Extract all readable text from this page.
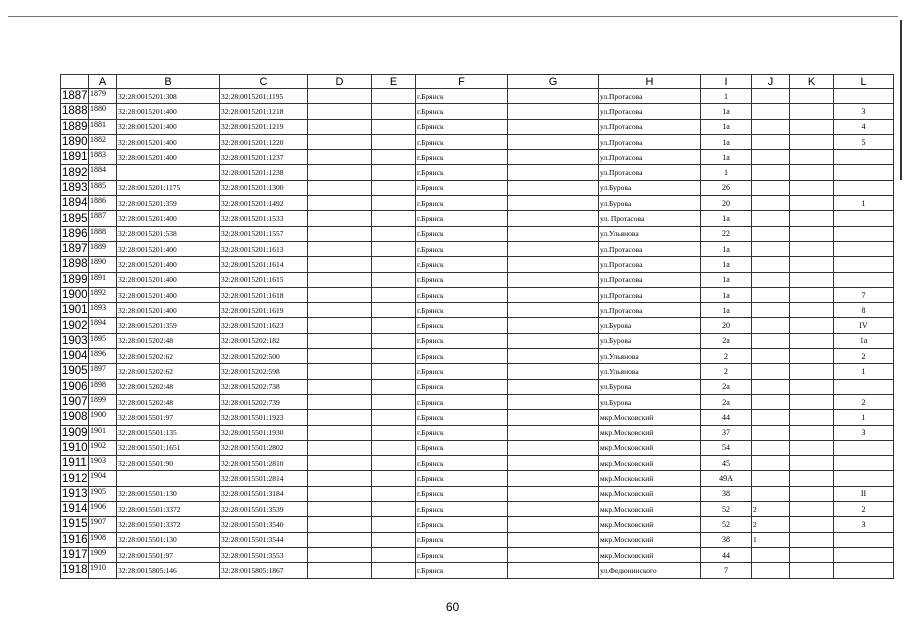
	A	B	C	D	E	F	G	H	I	J	K	L
1887	1879	32:28:0015201:308	32:28:0015201:1195			г.Брянск		ул.Протасова	1			
1888	1880	32:28:0015201:400	32:28:0015201:1218			г.Брянск		ул.Протасова	1a			3
1889	1881	32:28:0015201:400	32:28:0015201:1219			г.Брянск		ул.Протасова	1a			4
1890	1882	32:28:0015201:400	32:28:0015201:1220			г.Брянск		ул.Протасова	1a			5
1891	1883	32:28:0015201:400	32:28:0015201:1237			г.Брянск		ул.Протасова	1a			
1892	1884		32:28:0015201:1238			г.Брянск		ул.Протасова	1			
1893	1885	32:28:0015201:1175	32:28:0015201:1300			г.Брянск		ул.Бурова	26			
1894	1886	32:28:0015201:359	32:28:0015201:1492			г.Брянск		ул.Бурова	20			1
1895	1887	32:28:0015201:400	32:28:0015201:1533			г.Брянск		ул. Протасова	1a			
1896	1888	32:28:0015201:538	32:28:0015201:1557			г.Брянск		ул.Ульянова	22			
1897	1889	32:28:0015201:400	32:28:0015201:1613			г.Брянск		ул.Протасова	1a			
1898	1890	32:28:0015201:400	32:28:0015201:1614			г.Брянск		ул.Протасова	1a			
1899	1891	32:28:0015201:400	32:28:0015201:1615			г.Брянск		ул.Протасова	1a			
1900	1892	32:28:0015201:400	32:28:0015201:1618			г.Брянск		ул.Протасова	1a			7
1901	1893	32:28:0015201:400	32:28:0015201:1619			г.Брянск		ул.Протасова	1a			8
1902	1894	32:28:0015201:359	32:28:0015201:1623			г.Брянск		ул.Бурова	20			IV
1903	1895	32:28:0015202:48	32:28:0015202:182			г.Брянск		ул.Бурова	2a			1a
1904	1896	32:28:0015202:62	32:28:0015202:500			г.Брянск		ул.Ульянова	2			2
1905	1897	32:28:0015202:62	32:28:0015202:598			г.Брянск		ул.Ульянова	2			1
1906	1898	32:28:0015202:48	32:28:0015202:738			г.Брянск		ул.Бурова	2a			
1907	1899	32:28:0015202:48	32:28:0015202:739			г.Брянск		ул.Бурова	2a			2
1908	1900	32:28:0015501:97	32:28:0015501:1923			г.Брянск		мкр.Московский	44			1
1909	1901	32:28:0015501:135	32:28:0015501:1930			г.Брянск		мкр.Московский	37			3
1910	1902	32:28:0015501:1651	32:28:0015501:2802			г.Брянск		мкр.Московский	54			
1911	1903	32:28:0015501:90	32:28:0015501:2810			г.Брянск		мкр.Московский	45			
1912	1904		32:28:0015501:2814			г.Брянск		мкр.Московский	49А			
1913	1905	32:28:0015501:130	32:28:0015501:3184			г.Брянск		мкр.Московский	38			II
1914	1906	32:28:0015501:3372	32:28:0015501:3539			г.Брянск		мкр.Московский	52	2		2
1915	1907	32:28:0015501:3372	32:28:0015501:3540			г.Брянск		мкр.Московский	52	2		3
1916	1908	32:28:0015501:130	32:28:0015501:3544			г.Брянск		мкр.Московский	38	1		
1917	1909	32:28:0015501:97	32:28:0015501:3553			г.Брянск		мкр.Московский	44			
1918	1910	32:28:0015805:146	32:28:0015805:1867			г.Брянск		ул.Федюнинского	7			
60
